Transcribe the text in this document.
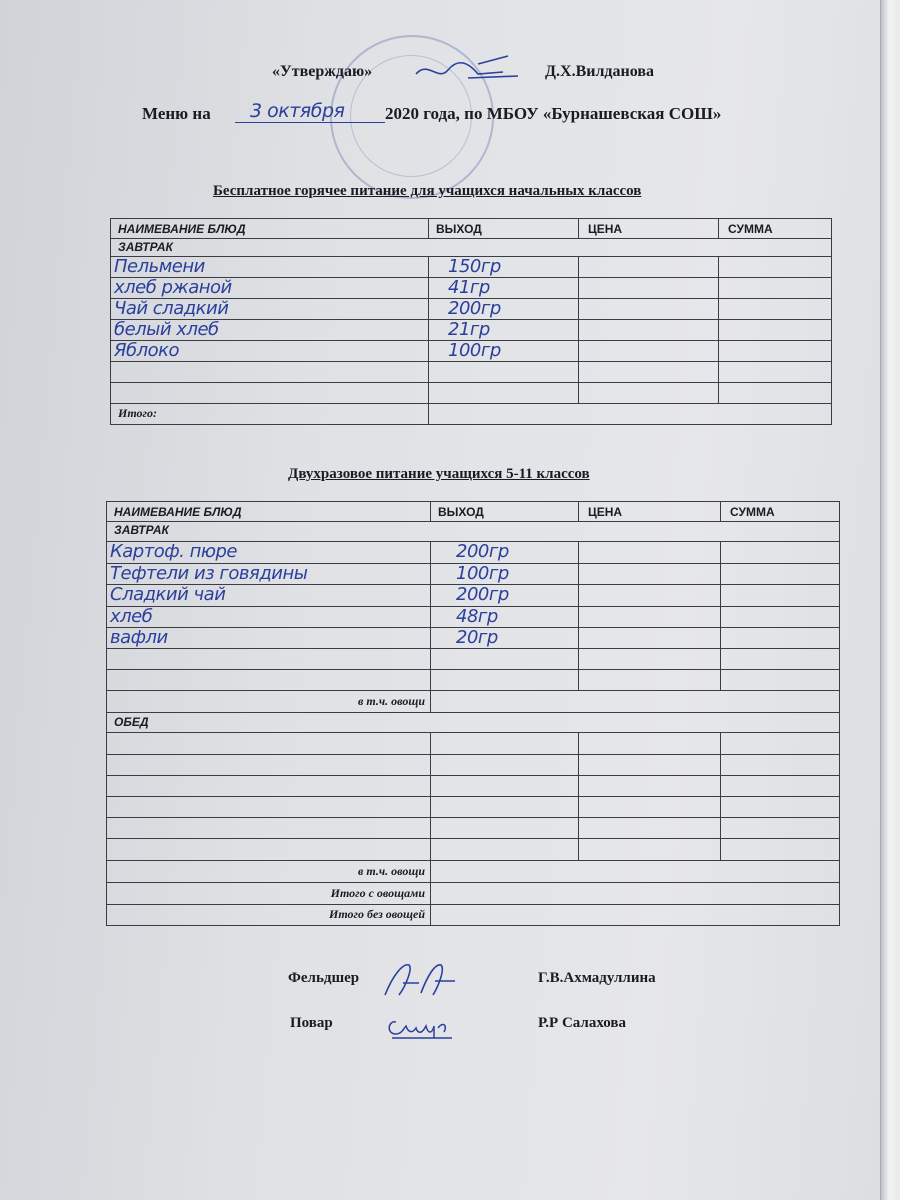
«Утверждаю»	Д.Х.Вилданова
Меню на 3 октября 2020 года, по МБОУ «Бурнашевская СОШ»
Бесплатное горячее питание для учащихся начальных классов
НАИМЕВАНИЕ БЛЮД	ВЫХОД	ЦЕНА	СУММА
ЗАВТРАК
Пельмени	150гр
хлеб ржаной	41гр
Чай сладкий	200гр
белый хлеб	21гр
Яблоко	100гр
Итого:
Двухразовое питание учащихся 5-11 классов
НАИМЕВАНИЕ БЛЮД	ВЫХОД	ЦЕНА	СУММА
ЗАВТРАК
Картоф. пюре	200гр
Тефтели из говядины	100гр
Сладкий чай	200гр
хлеб	48гр
вафли	20гр
в т.ч. овощи
ОБЕД
в т.ч. овощи
Итого с овощами
Итого без овощей
Фельдшер	Г.В.Ахмадуллина
Повар	Р.Р Салахова
